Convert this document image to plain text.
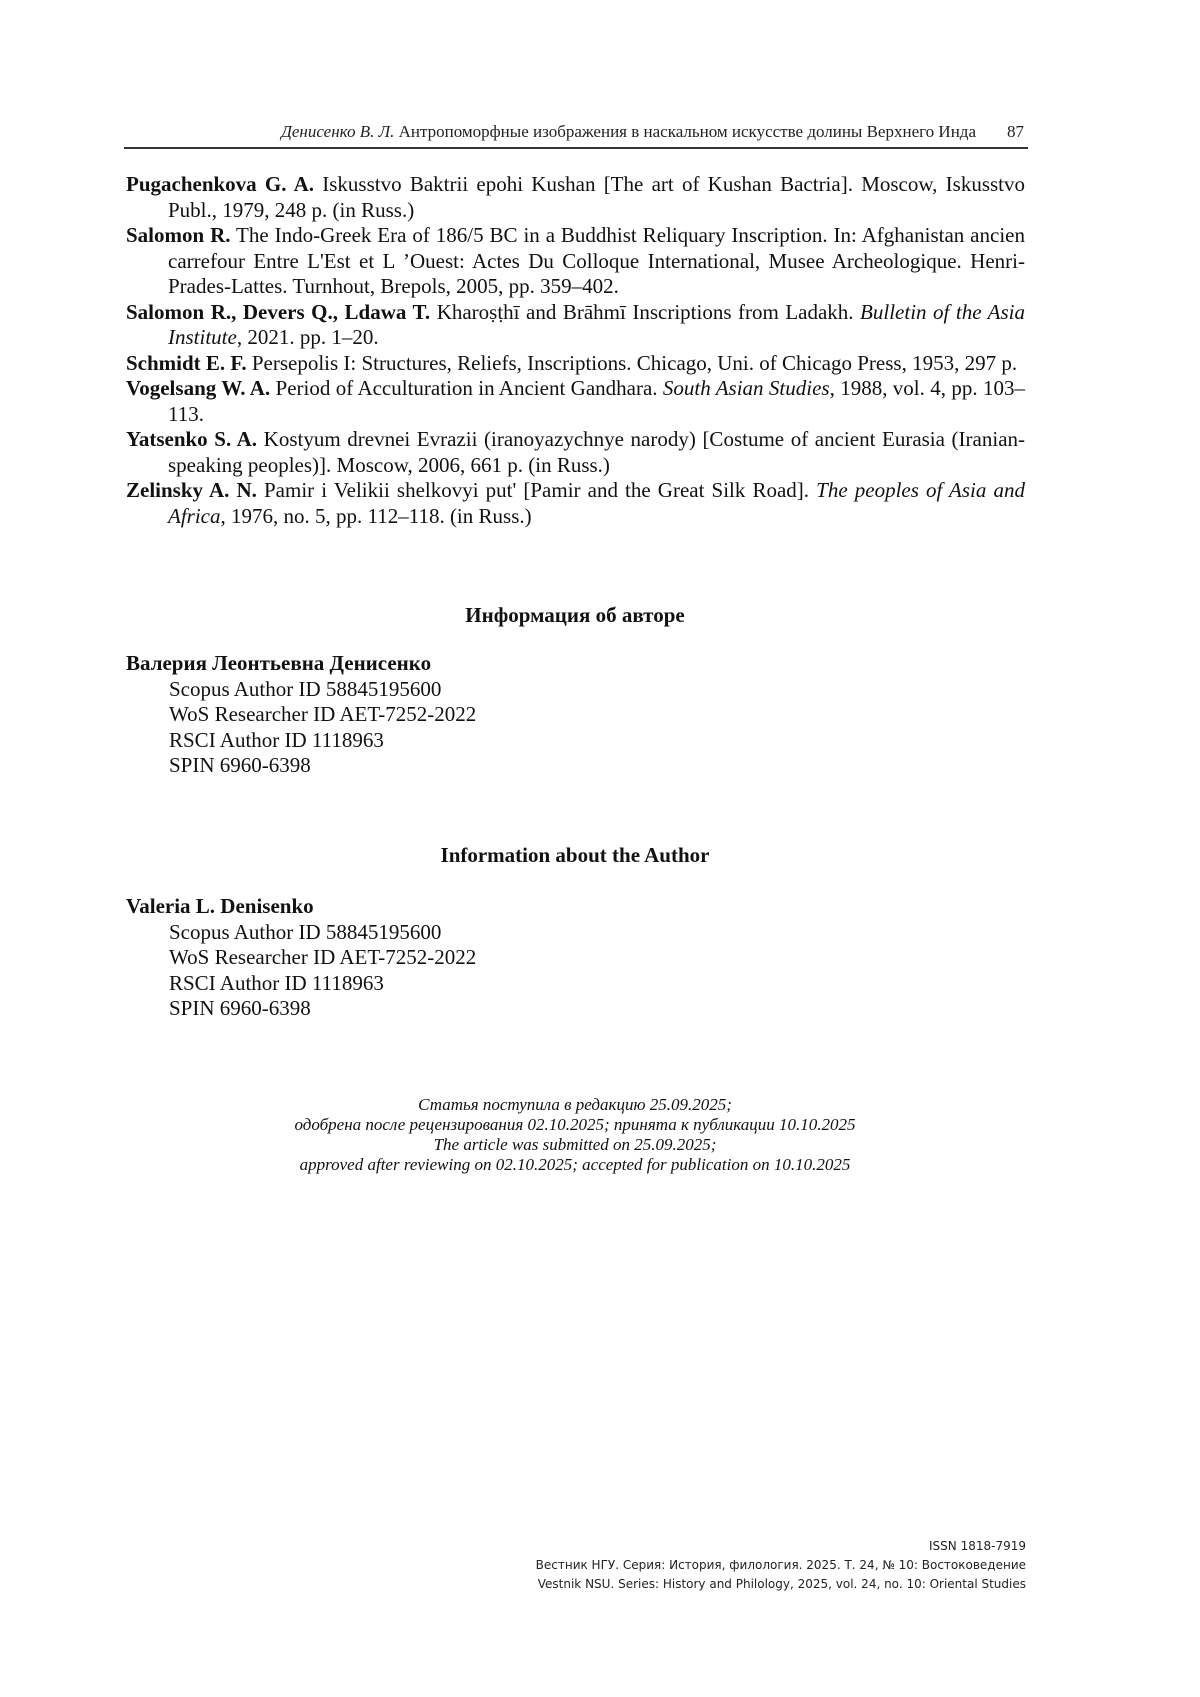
Денисенко В. Л. Антропоморфные изображения в наскальном искусстве долины Верхнего Инда 87

Pugachenkova G. A. Iskusstvo Baktrii epohi Kushan [The art of Kushan Bactria]. Moscow, Iskusstvo Publ., 1979, 248 p. (in Russ.)

Salomon R. The Indo-Greek Era of 186/5 BC in a Buddhist Reliquary Inscription. In: Afghanistan ancien carrefour Entre L'Est et L ’Ouest: Actes Du Colloque International, Musee Archeologique. Henri-Prades-Lattes. Turnhout, Brepols, 2005, pp. 359–402.

Salomon R., Devers Q., Ldawa T. Kharoṣṭhī and Brāhmī Inscriptions from Ladakh. Bulletin of the Asia Institute, 2021. pp. 1–20.

Schmidt E. F. Persepolis I: Structures, Reliefs, Inscriptions. Chicago, Uni. of Chicago Press, 1953, 297 p.

Vogelsang W. A. Period of Acculturation in Ancient Gandhara. South Asian Studies, 1988, vol. 4, pp. 103–113.

Yatsenko S. A. Kostyum drevnei Evrazii (iranoyazychnye narody) [Costume of ancient Eurasia (Iranian-speaking peoples)]. Moscow, 2006, 661 p. (in Russ.)

Zelinsky A. N. Pamir i Velikii shelkovyi put' [Pamir and the Great Silk Road]. The peoples of Asia and Africa, 1976, no. 5, pp. 112–118. (in Russ.)

Информация об авторе

Валерия Леонтьевна Денисенко

Scopus Author ID 58845195600

WoS Researcher ID AET-7252-2022

RSCI Author ID 1118963

SPIN 6960-6398

Information about the Author

Valeria L. Denisenko

Scopus Author ID 58845195600

WoS Researcher ID AET-7252-2022

RSCI Author ID 1118963

SPIN 6960-6398

Статья поступила в редакцию 25.09.2025;
одобрена после рецензирования 02.10.2025; принята к публикации 10.10.2025
The article was submitted on 25.09.2025;
approved after reviewing on 02.10.2025; accepted for publication on 10.10.2025
ISSN 1818-7919
Вестник НГУ. Серия: История, филология. 2025. Т. 24, № 10: Востоковедение
Vestnik NSU. Series: History and Philology, 2025, vol. 24, no. 10: Oriental Studies
